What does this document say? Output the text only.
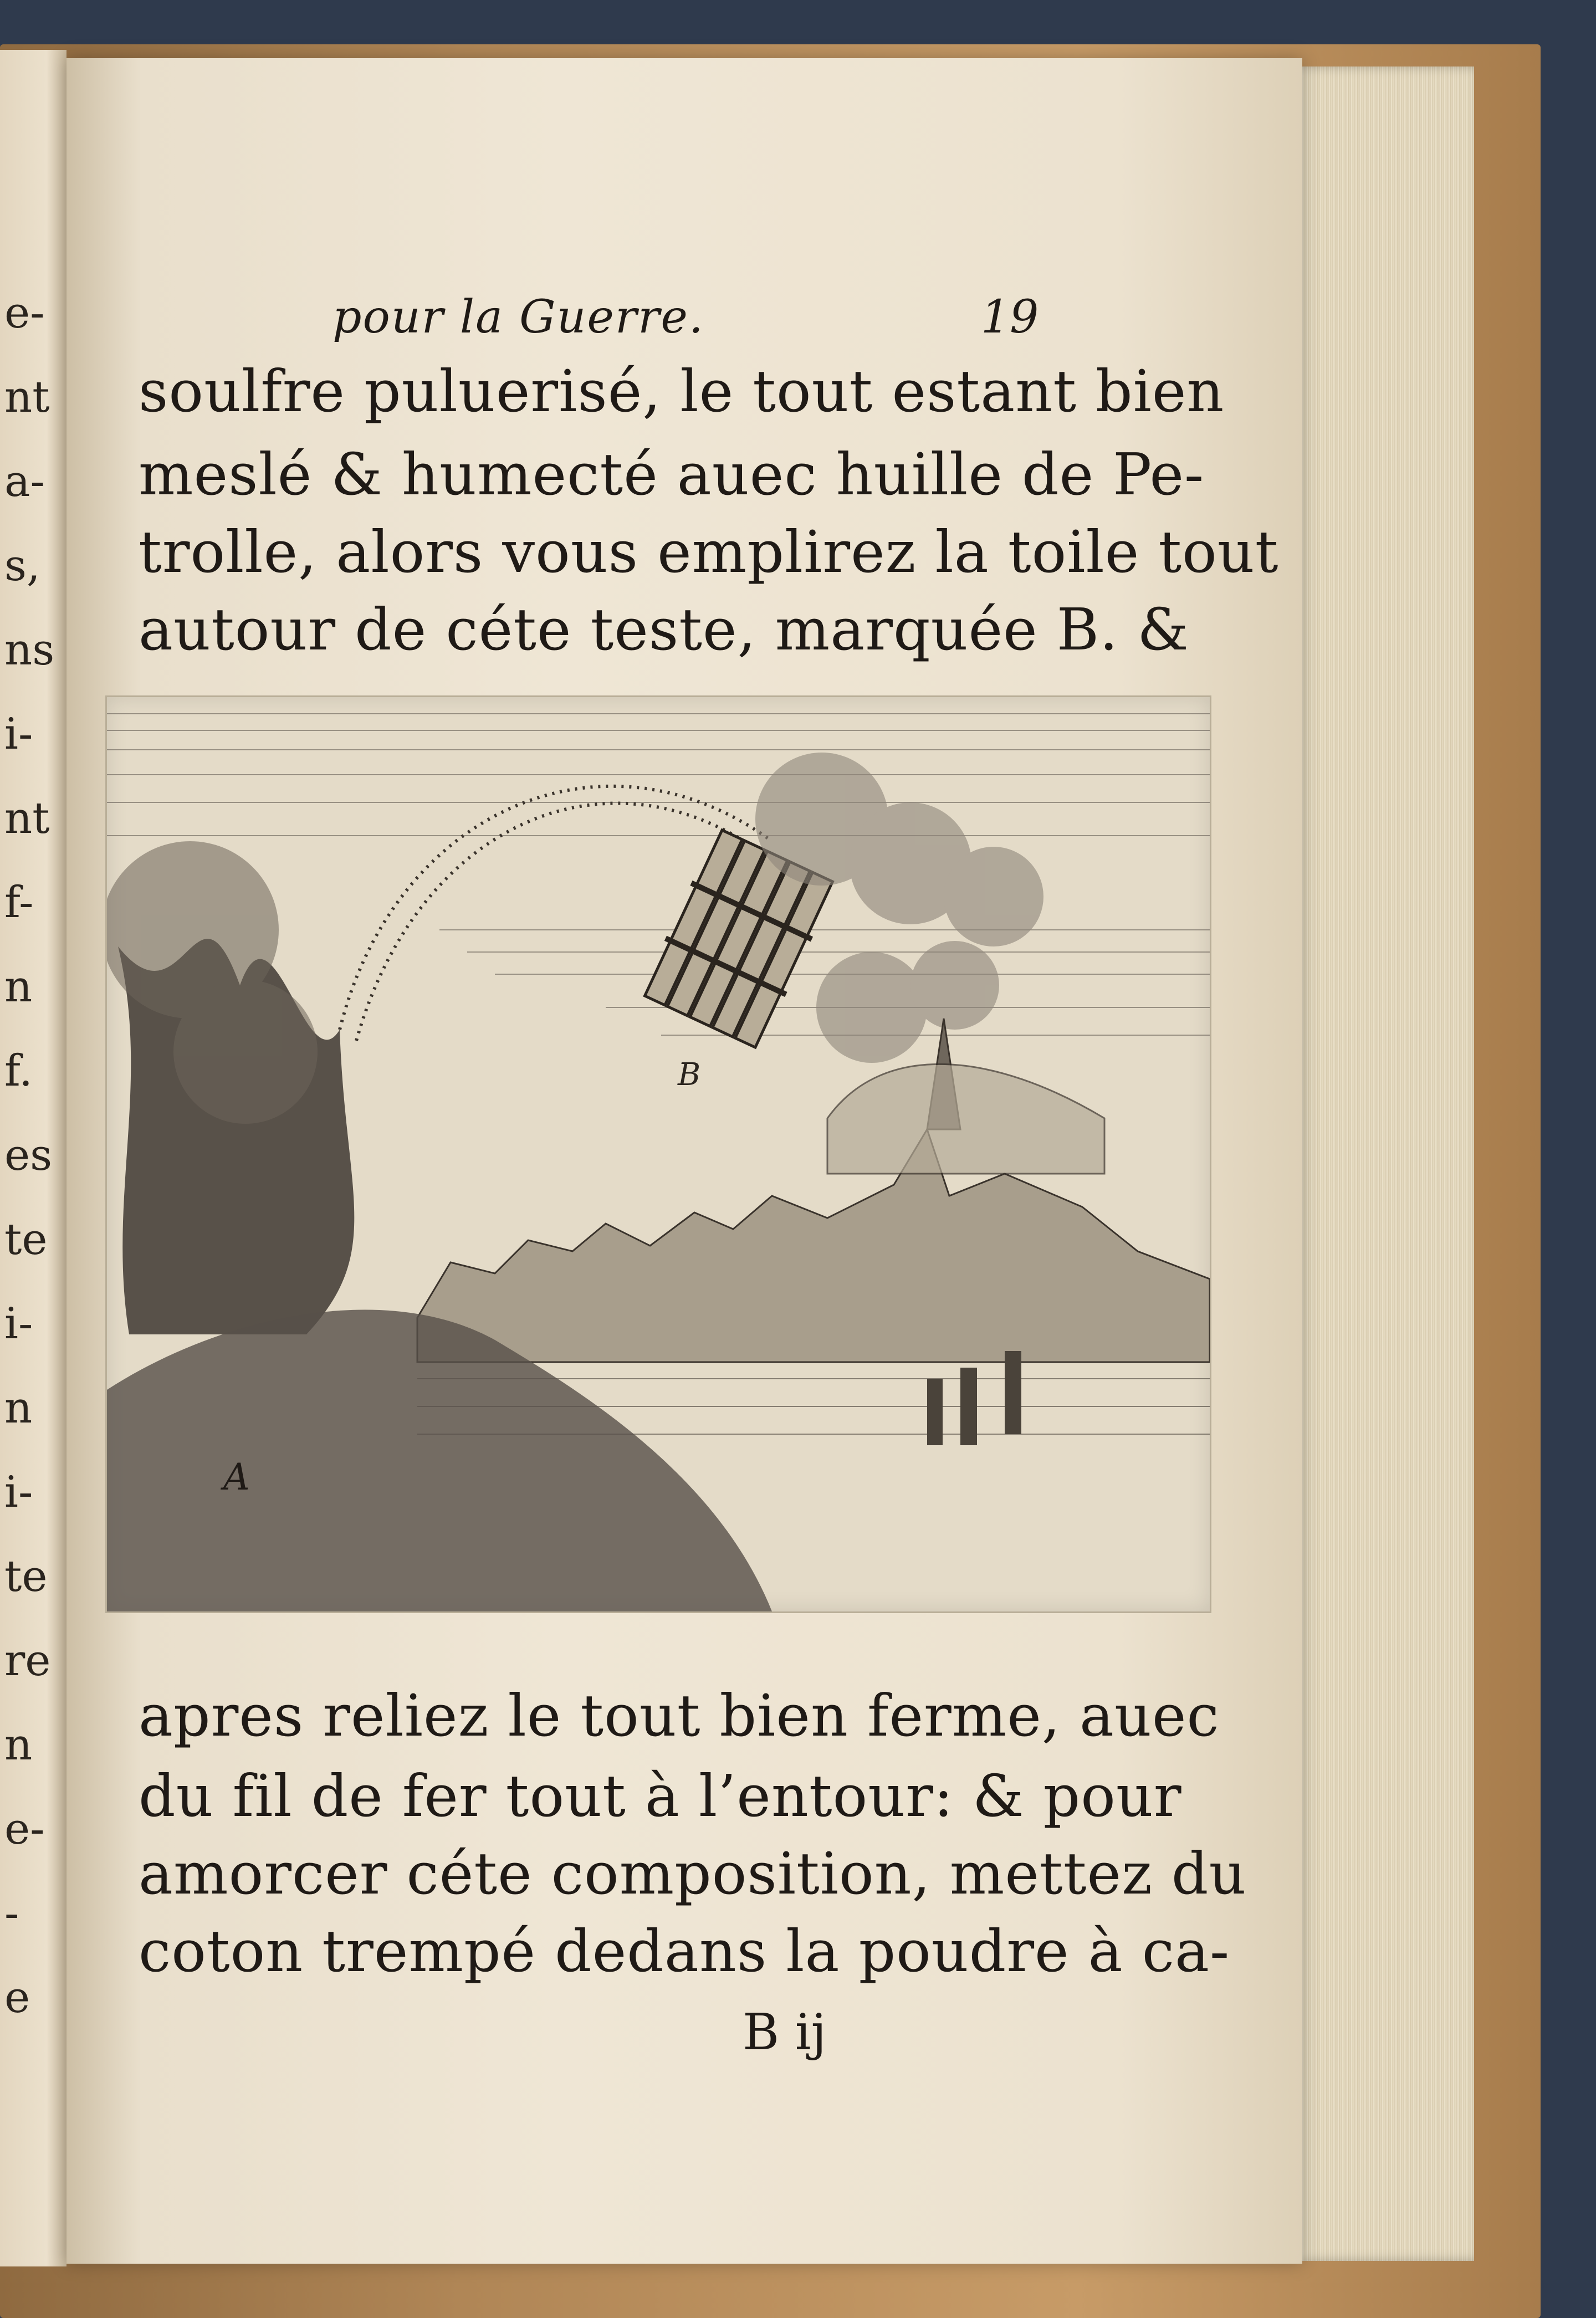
pour la Guerre.	19
soulfre puluerisé, le tout estant bien
meslé & humecté auec huille de Pe-
trolle, alors vous emplirez la toile tout
autour de céte teste, marquée B. &
B
A
apres reliez le tout bien ferme, auec
du fil de fer tout à l’entour: & pour
amorcer céte composition, mettez du
coton trempé dedans la poudre à ca-
B ij
e-
nt
a-
s,
ns
i-
nt
f-
n
f.
es
te
i-
n
i-
te
re
n
e-
-
e
